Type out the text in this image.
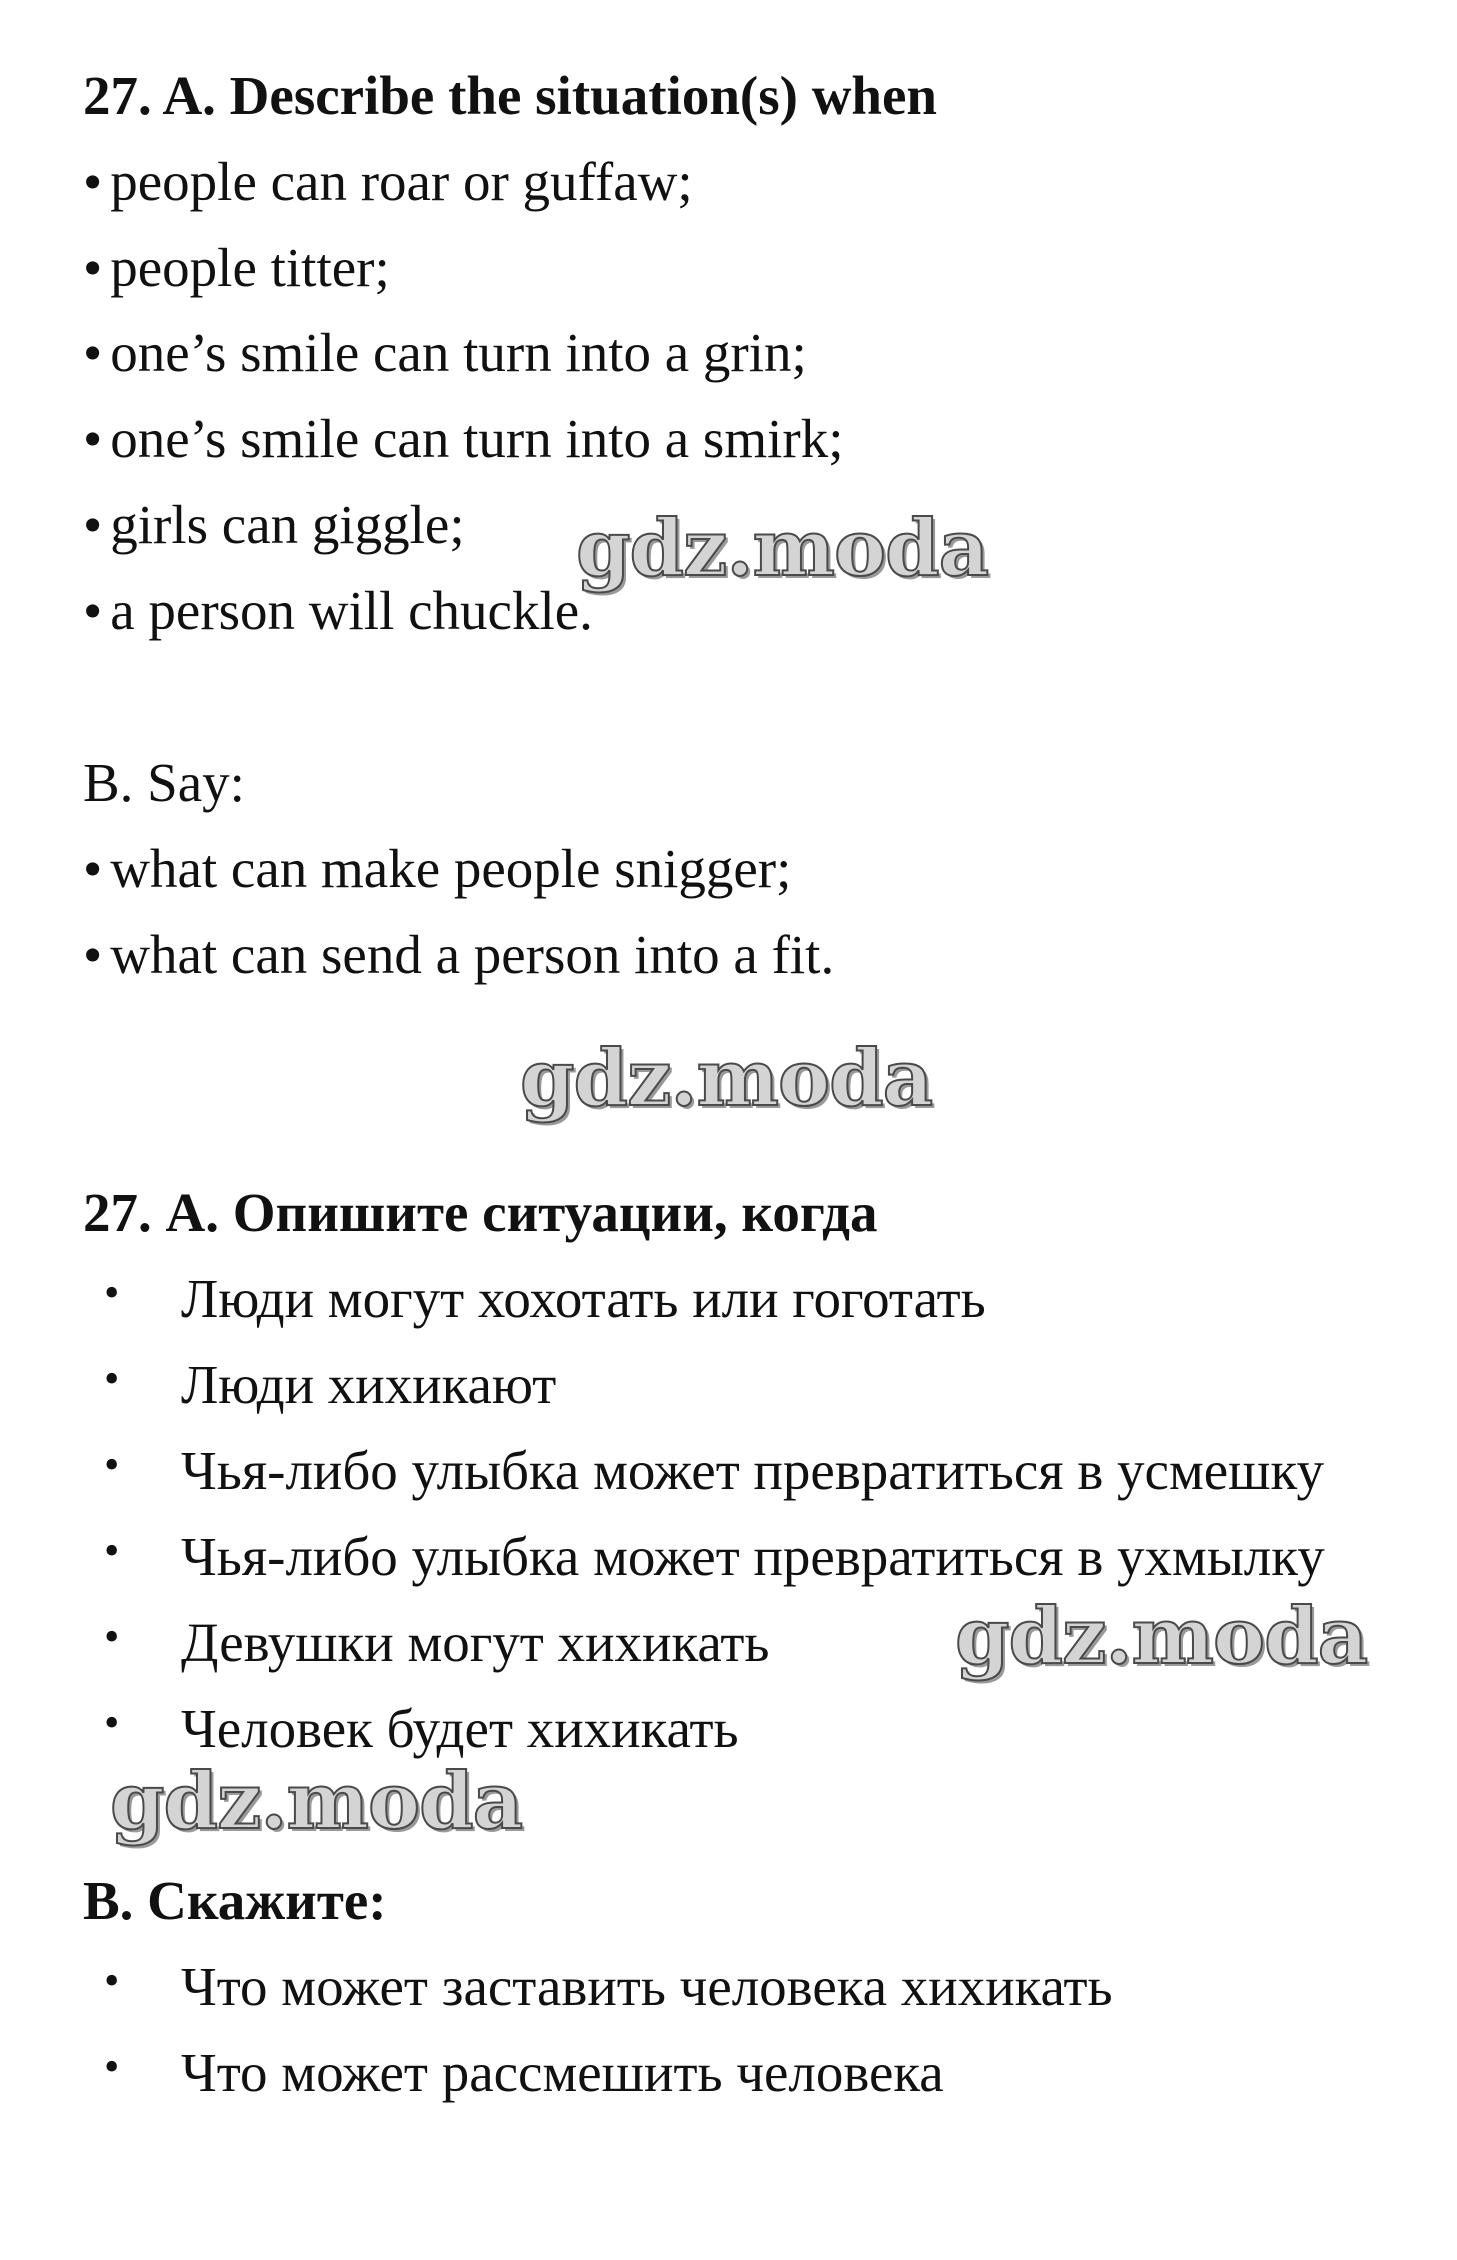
27. A. Describe the situation(s) when
• people can roar or guffaw;
• people titter;
• one’s smile can turn into a grin;
• one’s smile can turn into a smirk;
• girls can giggle;
• a person will chuckle.
B. Say:
• what can make people snigger;
• what can send a person into a fit.
27. А. Опишите ситуации, когда
• Люди могут хохотать или гоготать
• Люди хихикают
• Чья-либо улыбка может превратиться в усмешку
• Чья-либо улыбка может превратиться в ухмылку
• Девушки могут хихикать
• Человек будет хихикать
В. Скажите:
• Что может заставить человека хихикать
• Что может рассмешить человека
gdz.moda
gdz.moda
gdz.moda
gdz.moda
